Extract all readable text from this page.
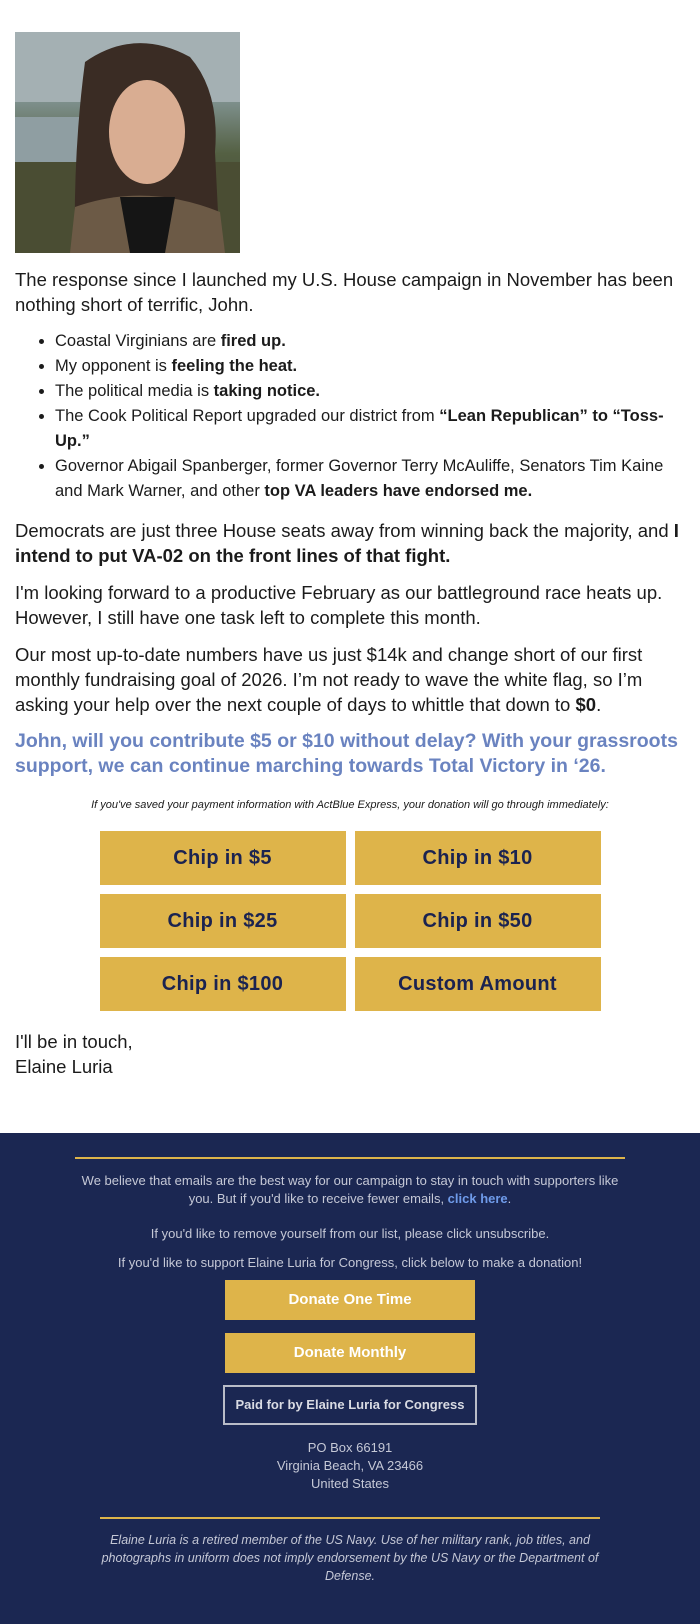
The response since I launched my U.S. House campaign in November has been nothing short of terrific, John.

• Coastal Virginians are fired up.
• My opponent is feeling the heat.
• The political media is taking notice.
• The Cook Political Report upgraded our district from “Lean Republican” to “Toss-Up.”
• Governor Abigail Spanberger, former Governor Terry McAuliffe, Senators Tim Kaine and Mark Warner, and other top VA leaders have endorsed me.

Democrats are just three House seats away from winning back the majority, and I intend to put VA-02 on the front lines of that fight.

I'm looking forward to a productive February as our battleground race heats up. However, I still have one task left to complete this month.

Our most up-to-date numbers have us just $14k and change short of our first monthly fundraising goal of 2026. I’m not ready to wave the white flag, so I’m asking your help over the next couple of days to whittle that down to $0.

John, will you contribute $5 or $10 without delay? With your grassroots support, we can continue marching towards Total Victory in ‘26.
If you've saved your payment information with ActBlue Express, your donation will go through immediately:
Chip in $5	Chip in $10
Chip in $25	Chip in $50
Chip in $100	Custom Amount
I'll be in touch,
Elaine Luria

We believe that emails are the best way for our campaign to stay in touch with supporters like you. But if you'd like to receive fewer emails, click here.

If you'd like to remove yourself from our list, please click unsubscribe.

If you'd like to support Elaine Luria for Congress, click below to make a donation!

Donate One Time
Donate Monthly
Paid for by Elaine Luria for Congress
PO Box 66191
Virginia Beach, VA 23466
United States
Elaine Luria is a retired member of the US Navy. Use of her military rank, job titles, and photographs in uniform does not imply endorsement by the US Navy or the Department of Defense.
